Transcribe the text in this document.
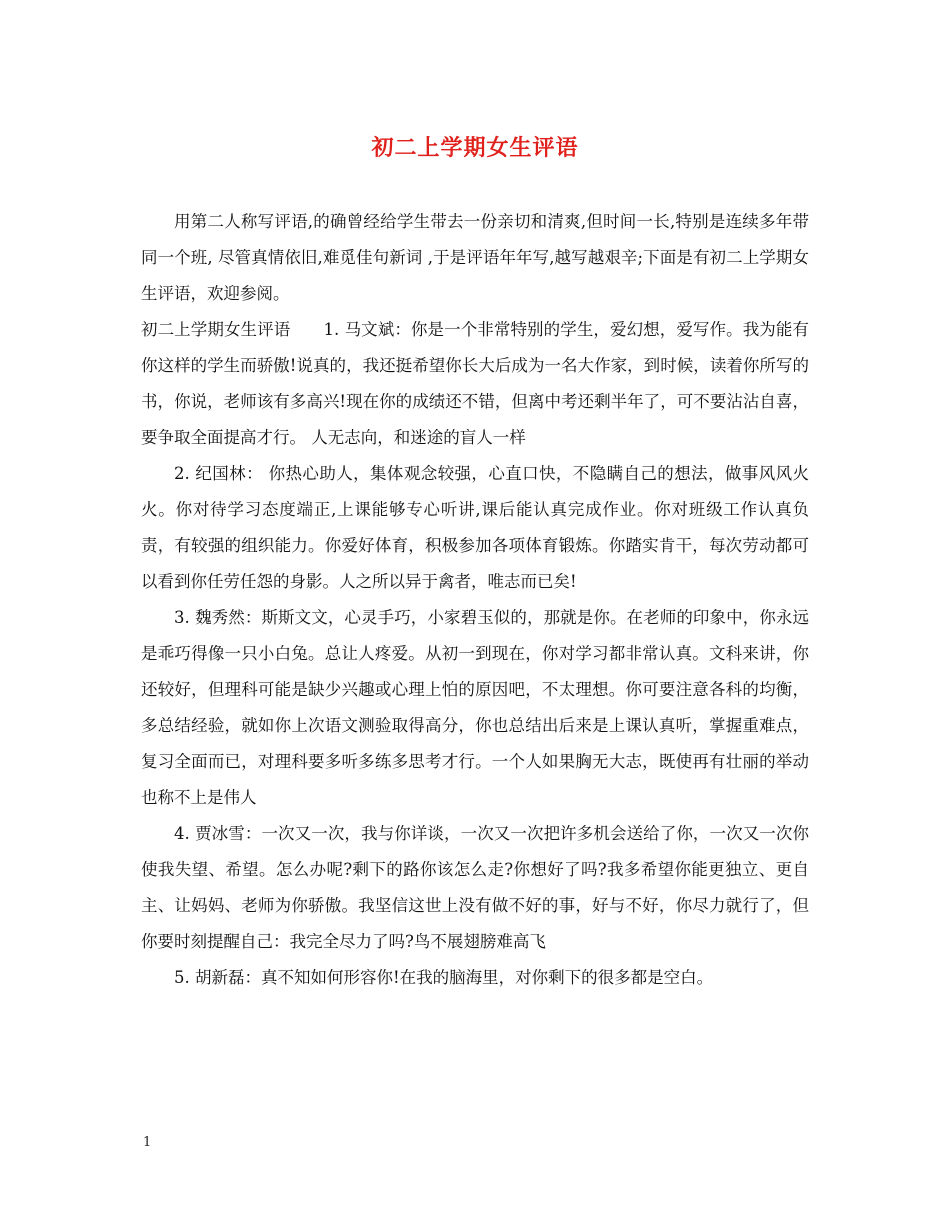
初二上学期女生评语

用第二人称写评语,的确曾经给学生带去一份亲切和清爽,但时间一长,特别是连续多年带同一个班, 尽管真情依旧,难觅佳句新词 ,于是评语年年写,越写越艰辛;下面是有初二上学期女生评语，欢迎参阅。

初二上学期女生评语　　1. 马文斌：你是一个非常特别的学生，爱幻想，爱写作。我为能有你这样的学生而骄傲!说真的，我还挺希望你长大后成为一名大作家，到时候，读着你所写的书，你说，老师该有多高兴!现在你的成绩还不错，但离中考还剩半年了，可不要沾沾自喜，要争取全面提高才行。 人无志向，和迷途的盲人一样

2. 纪国林： 你热心助人，集体观念较强，心直口快，不隐瞒自己的想法，做事风风火火。你对待学习态度端正,上课能够专心听讲,课后能认真完成作业。你对班级工作认真负责，有较强的组织能力。你爱好体育，积极参加各项体育锻炼。你踏实肯干，每次劳动都可以看到你任劳任怨的身影。人之所以异于禽者，唯志而已矣!

3. 魏秀然：斯斯文文，心灵手巧，小家碧玉似的，那就是你。在老师的印象中，你永远是乖巧得像一只小白兔。总让人疼爱。从初一到现在，你对学习都非常认真。文科来讲，你还较好，但理科可能是缺少兴趣或心理上怕的原因吧，不太理想。你可要注意各科的均衡，多总结经验，就如你上次语文测验取得高分，你也总结出后来是上课认真听，掌握重难点，复习全面而已，对理科要多听多练多思考才行。一个人如果胸无大志，既使再有壮丽的举动也称不上是伟人

4. 贾冰雪：一次又一次，我与你详谈，一次又一次把许多机会送给了你，一次又一次你使我失望、希望。怎么办呢?剩下的路你该怎么走?你想好了吗?我多希望你能更独立、更自主、让妈妈、老师为你骄傲。我坚信这世上没有做不好的事，好与不好，你尽力就行了，但你要时刻提醒自己：我完全尽力了吗?鸟不展翅膀难高飞

5. 胡新磊：真不知如何形容你!在我的脑海里，对你剩下的很多都是空白。

1
